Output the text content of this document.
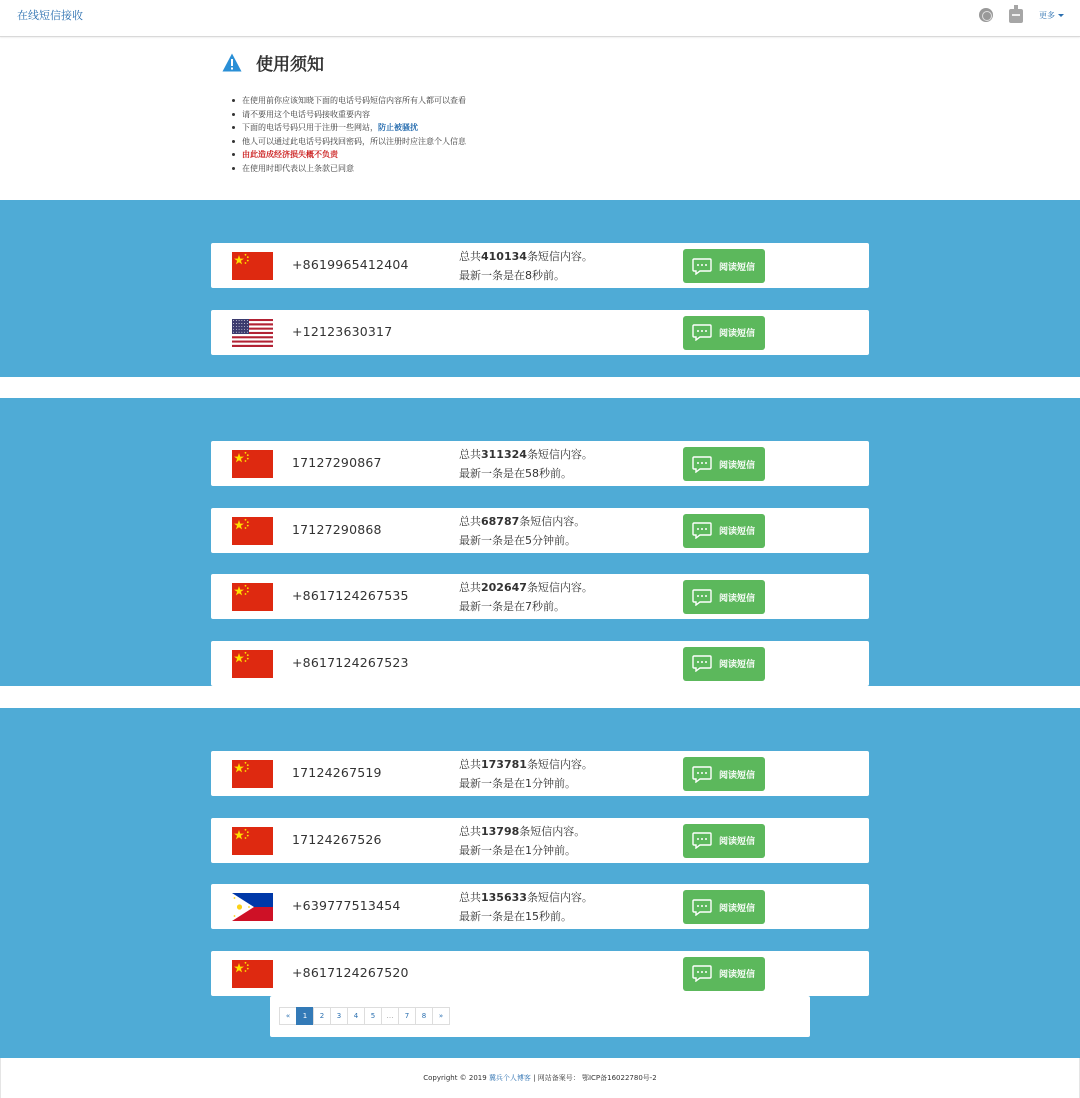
在线短信接收	更多
使用须知
在使用前你应该知晓下面的电话号码短信内容所有人都可以查看
请不要用这个电话号码接收重要内容
下面的电话号码只用于注册一些网站，防止被骚扰
他人可以通过此电话号码找回密码，所以注册时应注意个人信息
由此造成经济损失概不负责
在使用时即代表以上条款已同意
+8619965412404
总共410134条短信内容。
最新一条是在8秒前。
阅读短信
+12123630317	阅读短信
17127290867
总共311324条短信内容。
最新一条是在58秒前。
阅读短信
17127290868
总共68787条短信内容。
最新一条是在5分钟前。
阅读短信
+8617124267535
总共202647条短信内容。
最新一条是在7秒前。
阅读短信
+8617124267523	阅读短信
17124267519
总共173781条短信内容。
最新一条是在1分钟前。
阅读短信
17124267526
总共13798条短信内容。
最新一条是在1分钟前。
阅读短信
+639777513454
总共135633条短信内容。
最新一条是在15秒前。
阅读短信
+8617124267520	阅读短信
«	1	2	3	4	5	…	7	8	»
Copyright © 2019 冀兵个人博客 | 网站备案号： 鄂ICP备16022780号-2
